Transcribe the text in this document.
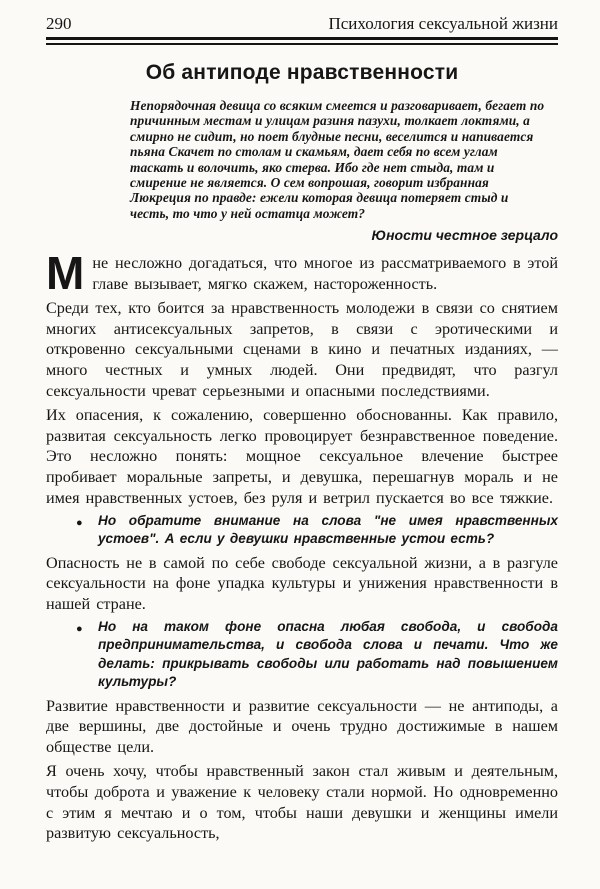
290	Психология сексуальной жизни
Об антиподе нравственности

Непорядочная девица со всяким смеется и разговаривает, бегает по причинным местам и улицам разиня пазухи, толкает локтями, а смирно не сидит, но поет блудные песни, веселится и напивается пьяна Скачет по столам и скамьям, дает себя по всем углам таскать и волочить, яко стерва. Ибо где нет стыда, там и смирение не является. О сем вопрошая, говорит избранная Люкреция по правде: ежели которая девица потеряет стыд и честь, то что у ней остатца может?

Юности честное зерцало

Мне несложно догадаться, что многое из рассматриваемого в этой главе вызывает, мягко скажем, настороженность.

Среди тех, кто боится за нравственность молодежи в связи со снятием многих антисексуальных запретов, в связи с эротическими и откровенно сексуальными сценами в кино и печатных изданиях, — много честных и умных людей. Они предвидят, что разгул сексуальности чреват серьезными и опасными последствиями.

Их опасения, к сожалению, совершенно обоснованны. Как правило, развитая сексуальность легко провоцирует безнравственное поведение. Это несложно понять: мощное сексуальное влечение быстрее пробивает моральные запреты, и девушка, перешагнув мораль и не имея нравственных устоев, без руля и ветрил пускается во все тяжкие.

● Но обратите внимание на слова "не имея нравственных устоев". А если у девушки нравственные устои есть?

Опасность не в самой по себе свободе сексуальной жизни, а в разгуле сексуальности на фоне упадка культуры и унижения нравственности в нашей стране.

● Но на таком фоне опасна любая свобода, и свобода предпринимательства, и свобода слова и печати. Что же делать: прикрывать свободы или работать над повышением культуры?

Развитие нравственности и развитие сексуальности — не антиподы, а две вершины, две достойные и очень трудно достижимые в нашем обществе цели.

Я очень хочу, чтобы нравственный закон стал живым и деятельным, чтобы доброта и уважение к человеку стали нормой. Но одновременно с этим я мечтаю и о том, чтобы наши девушки и женщины имели развитую сексуальность,
